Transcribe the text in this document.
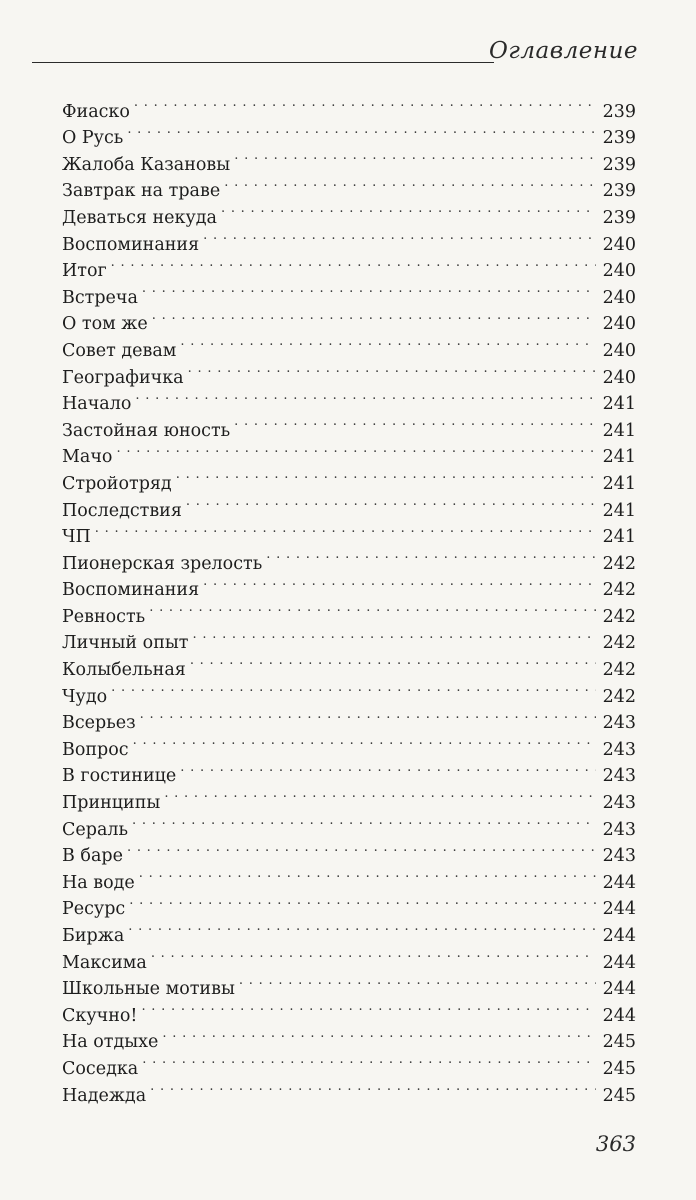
Оглавление
Фиаско . . .	239
О Русь . . .	239
Жалоба Казановы . . .	239
Завтрак на траве . . .	239
Деваться некуда . . .	239
Воспоминания . . .	240
Итог . . .	240
Встреча . . .	240
О том же . . .	240
Совет девам . . .	240
Географичка . . .	240
Начало . . .	241
Застойная юность . . .	241
Мачо . . .	241
Стройотряд . . .	241
Последствия . . .	241
ЧП . . .	241
Пионерская зрелость . . .	242
Воспоминания . . .	242
Ревность . . .	242
Личный опыт . . .	242
Колыбельная . . .	242
Чудо . . .	242
Всерьез . . .	243
Вопрос . . .	243
В гостинице . . .	243
Принципы . . .	243
Сераль . . .	243
В баре . . .	243
На воде . . .	244
Ресурс . . .	244
Биржа . . .	244
Максима . . .	244
Школьные мотивы . . .	244
Скучно! . . .	244
На отдыхе . . .	245
Соседка . . .	245
Надежда . . .	245
363
